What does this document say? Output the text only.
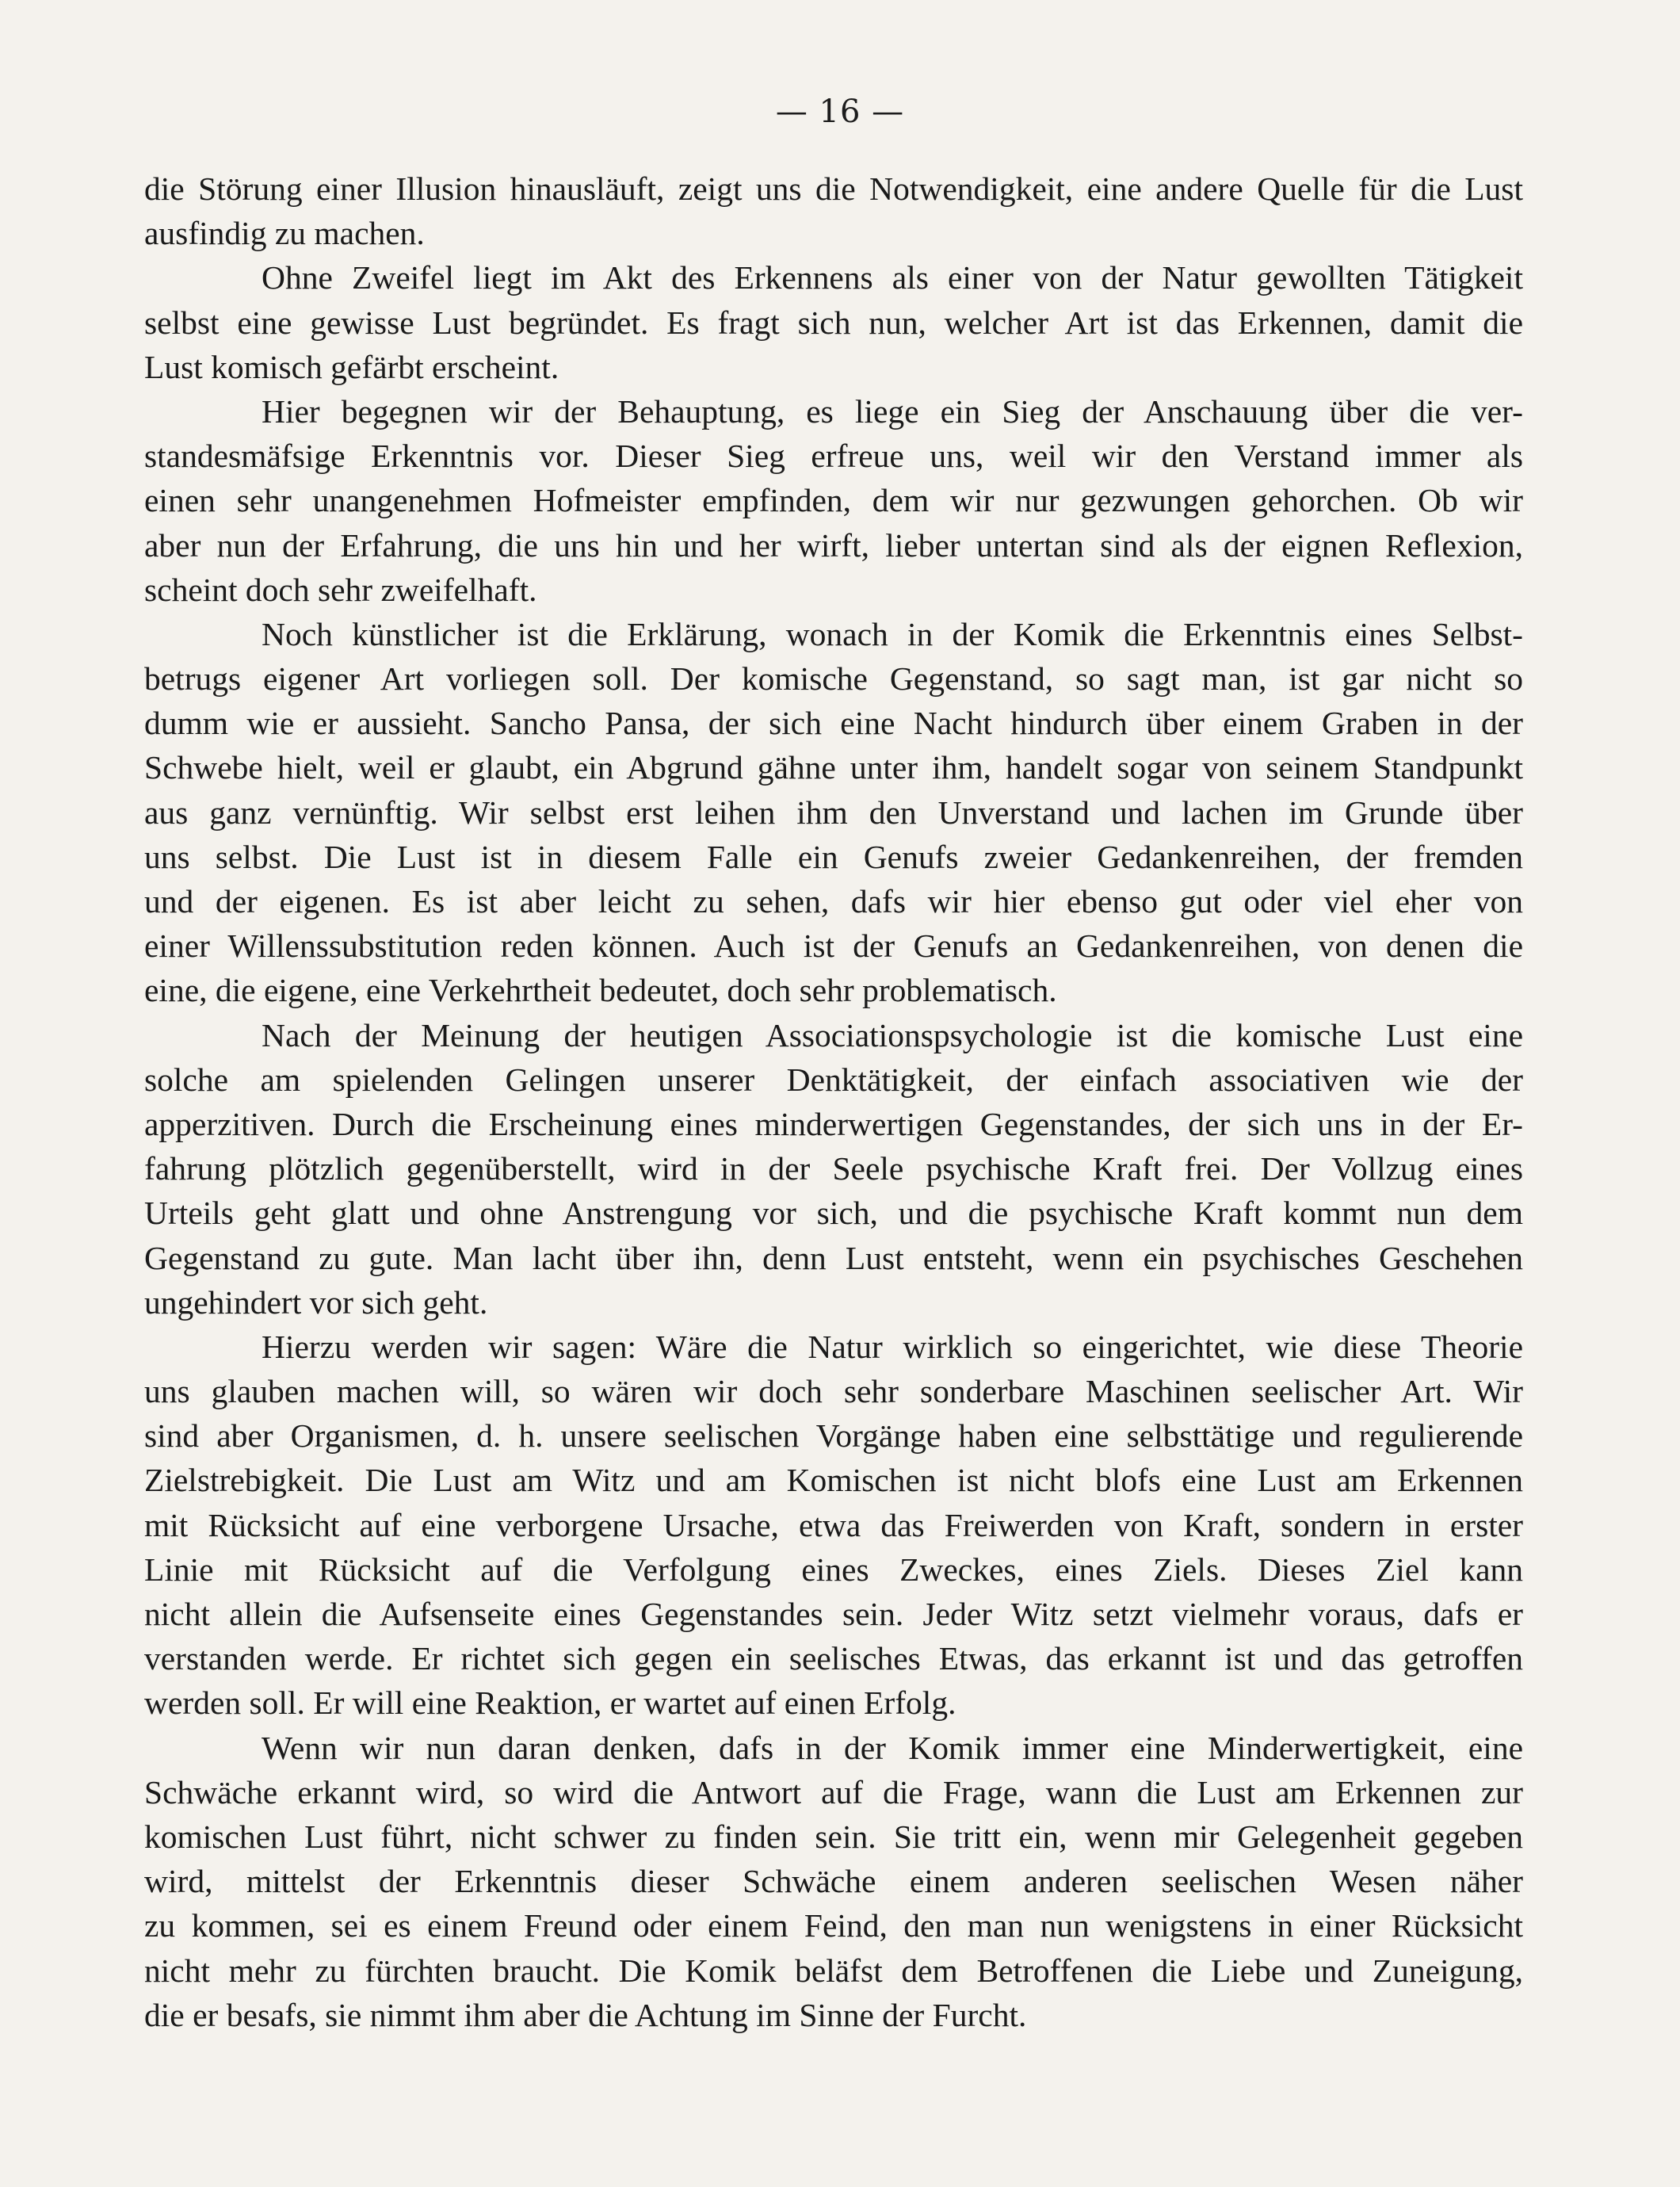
— 16 —
die Störung einer Illusion hinausläuft, zeigt uns die Notwendigkeit, eine andere Quelle für die Lust
ausfindig zu machen.
Ohne Zweifel liegt im Akt des Erkennens als einer von der Natur gewollten Tätigkeit
selbst eine gewisse Lust begründet. Es fragt sich nun, welcher Art ist das Erkennen, damit die
Lust komisch gefärbt erscheint.
Hier begegnen wir der Behauptung, es liege ein Sieg der Anschauung über die ver-
standesmäfsige Erkenntnis vor. Dieser Sieg erfreue uns, weil wir den Verstand immer als
einen sehr unangenehmen Hofmeister empfinden, dem wir nur gezwungen gehorchen. Ob wir
aber nun der Erfahrung, die uns hin und her wirft, lieber untertan sind als der eignen Reflexion,
scheint doch sehr zweifelhaft.
Noch künstlicher ist die Erklärung, wonach in der Komik die Erkenntnis eines Selbst-
betrugs eigener Art vorliegen soll. Der komische Gegenstand, so sagt man, ist gar nicht so
dumm wie er aussieht. Sancho Pansa, der sich eine Nacht hindurch über einem Graben in der
Schwebe hielt, weil er glaubt, ein Abgrund gähne unter ihm, handelt sogar von seinem Standpunkt
aus ganz vernünftig. Wir selbst erst leihen ihm den Unverstand und lachen im Grunde über
uns selbst. Die Lust ist in diesem Falle ein Genufs zweier Gedankenreihen, der fremden
und der eigenen. Es ist aber leicht zu sehen, dafs wir hier ebenso gut oder viel eher von
einer Willenssubstitution reden können. Auch ist der Genufs an Gedankenreihen, von denen die
eine, die eigene, eine Verkehrtheit bedeutet, doch sehr problematisch.
Nach der Meinung der heutigen Associationspsychologie ist die komische Lust eine
solche am spielenden Gelingen unserer Denktätigkeit, der einfach associativen wie der
apperzitiven. Durch die Erscheinung eines minderwertigen Gegenstandes, der sich uns in der Er-
fahrung plötzlich gegenüberstellt, wird in der Seele psychische Kraft frei. Der Vollzug eines
Urteils geht glatt und ohne Anstrengung vor sich, und die psychische Kraft kommt nun dem
Gegenstand zu gute. Man lacht über ihn, denn Lust entsteht, wenn ein psychisches Geschehen
ungehindert vor sich geht.
Hierzu werden wir sagen: Wäre die Natur wirklich so eingerichtet, wie diese Theorie
uns glauben machen will, so wären wir doch sehr sonderbare Maschinen seelischer Art. Wir
sind aber Organismen, d. h. unsere seelischen Vorgänge haben eine selbsttätige und regulierende
Zielstrebigkeit. Die Lust am Witz und am Komischen ist nicht blofs eine Lust am Erkennen
mit Rücksicht auf eine verborgene Ursache, etwa das Freiwerden von Kraft, sondern in erster
Linie mit Rücksicht auf die Verfolgung eines Zweckes, eines Ziels. Dieses Ziel kann
nicht allein die Aufsenseite eines Gegenstandes sein. Jeder Witz setzt vielmehr voraus, dafs er
verstanden werde. Er richtet sich gegen ein seelisches Etwas, das erkannt ist und das getroffen
werden soll. Er will eine Reaktion, er wartet auf einen Erfolg.
Wenn wir nun daran denken, dafs in der Komik immer eine Minderwertigkeit, eine
Schwäche erkannt wird, so wird die Antwort auf die Frage, wann die Lust am Erkennen zur
komischen Lust führt, nicht schwer zu finden sein. Sie tritt ein, wenn mir Gelegenheit gegeben
wird, mittelst der Erkenntnis dieser Schwäche einem anderen seelischen Wesen näher
zu kommen, sei es einem Freund oder einem Feind, den man nun wenigstens in einer Rücksicht
nicht mehr zu fürchten braucht. Die Komik beläfst dem Betroffenen die Liebe und Zuneigung,
die er besafs, sie nimmt ihm aber die Achtung im Sinne der Furcht.
